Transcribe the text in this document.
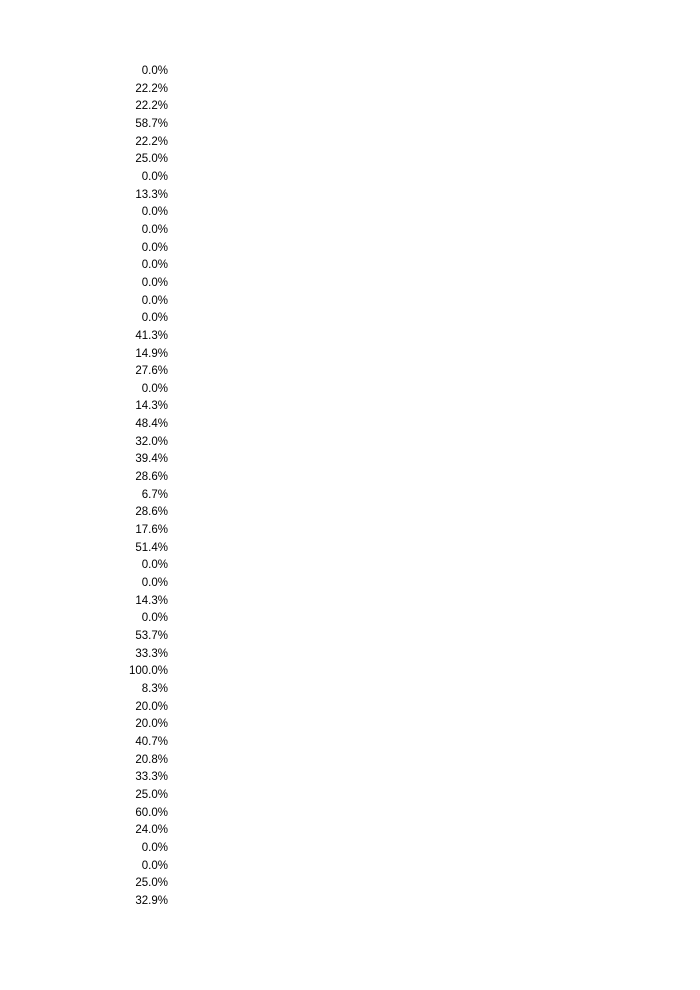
0.0%
22.2%
22.2%
58.7%
22.2%
25.0%
0.0%
13.3%
0.0%
0.0%
0.0%
0.0%
0.0%
0.0%
0.0%
41.3%
14.9%
27.6%
0.0%
14.3%
48.4%
32.0%
39.4%
28.6%
6.7%
28.6%
17.6%
51.4%
0.0%
0.0%
14.3%
0.0%
53.7%
33.3%
100.0%
8.3%
20.0%
20.0%
40.7%
20.8%
33.3%
25.0%
60.0%
24.0%
0.0%
0.0%
25.0%
32.9%
